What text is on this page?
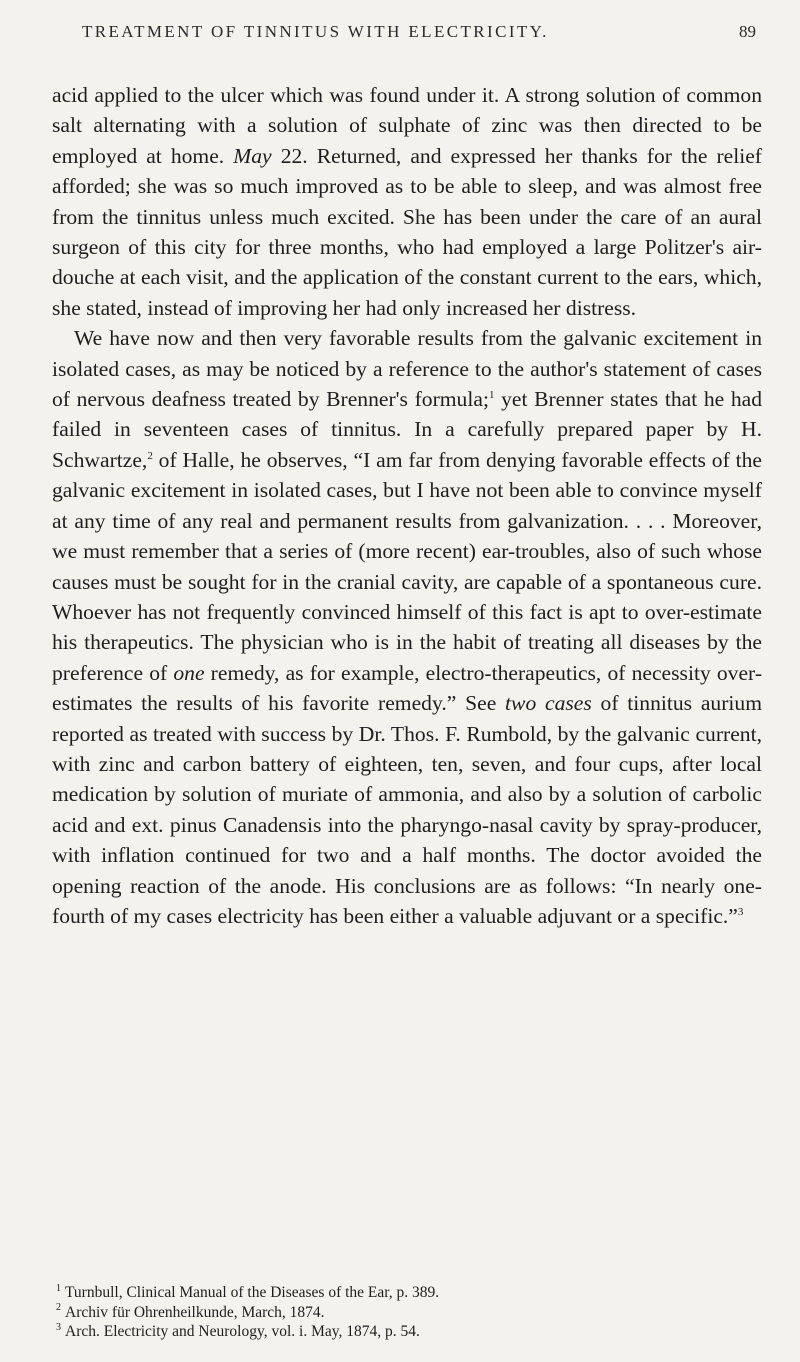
TREATMENT OF TINNITUS WITH ELECTRICITY.	89

acid applied to the ulcer which was found under it. A strong solution of common salt alternating with a solution of sulphate of zinc was then directed to be employed at home. May 22. Returned, and expressed her thanks for the relief afforded; she was so much improved as to be able to sleep, and was almost free from the tinnitus unless much excited. She has been under the care of an aural surgeon of this city for three months, who had employed a large Politzer's air-douche at each visit, and the application of the constant current to the ears, which, she stated, instead of improving her had only increased her distress.

We have now and then very favorable results from the galvanic excitement in isolated cases, as may be noticed by a reference to the author's statement of cases of nervous deafness treated by Brenner's formula;$^1$ yet Brenner states that he had failed in seventeen cases of tinnitus. In a carefully prepared paper by H. Schwartze,$^2$ of Halle, he observes, “I am far from denying favorable effects of the galvanic excitement in isolated cases, but I have not been able to convince myself at any time of any real and permanent results from galvanization. . . . Moreover, we must remember that a series of (more recent) ear-troubles, also of such whose causes must be sought for in the cranial cavity, are capable of a spontaneous cure. Whoever has not frequently convinced himself of this fact is apt to over-estimate his therapeutics. The physician who is in the habit of treating all diseases by the preference of one remedy, as for example, electro-therapeutics, of necessity over-estimates the results of his favorite remedy.” See two cases of tinnitus aurium reported as treated with success by Dr. Thos. F. Rumbold, by the galvanic current, with zinc and carbon battery of eighteen, ten, seven, and four cups, after local medication by solution of muriate of ammonia, and also by a solution of carbolic acid and ext. pinus Canadensis into the pharyngo-nasal cavity by spray-producer, with inflation continued for two and a half months. The doctor avoided the opening reaction of the anode. His conclusions are as follows: “In nearly one-fourth of my cases electricity has been either a valuable adjuvant or a specific.”$^3$

$^1$ Turnbull, Clinical Manual of the Diseases of the Ear, p. 389.
$^2$ Archiv für Ohrenheilkunde, March, 1874.
$^3$ Arch. Electricity and Neurology, vol. i. May, 1874, p. 54.
